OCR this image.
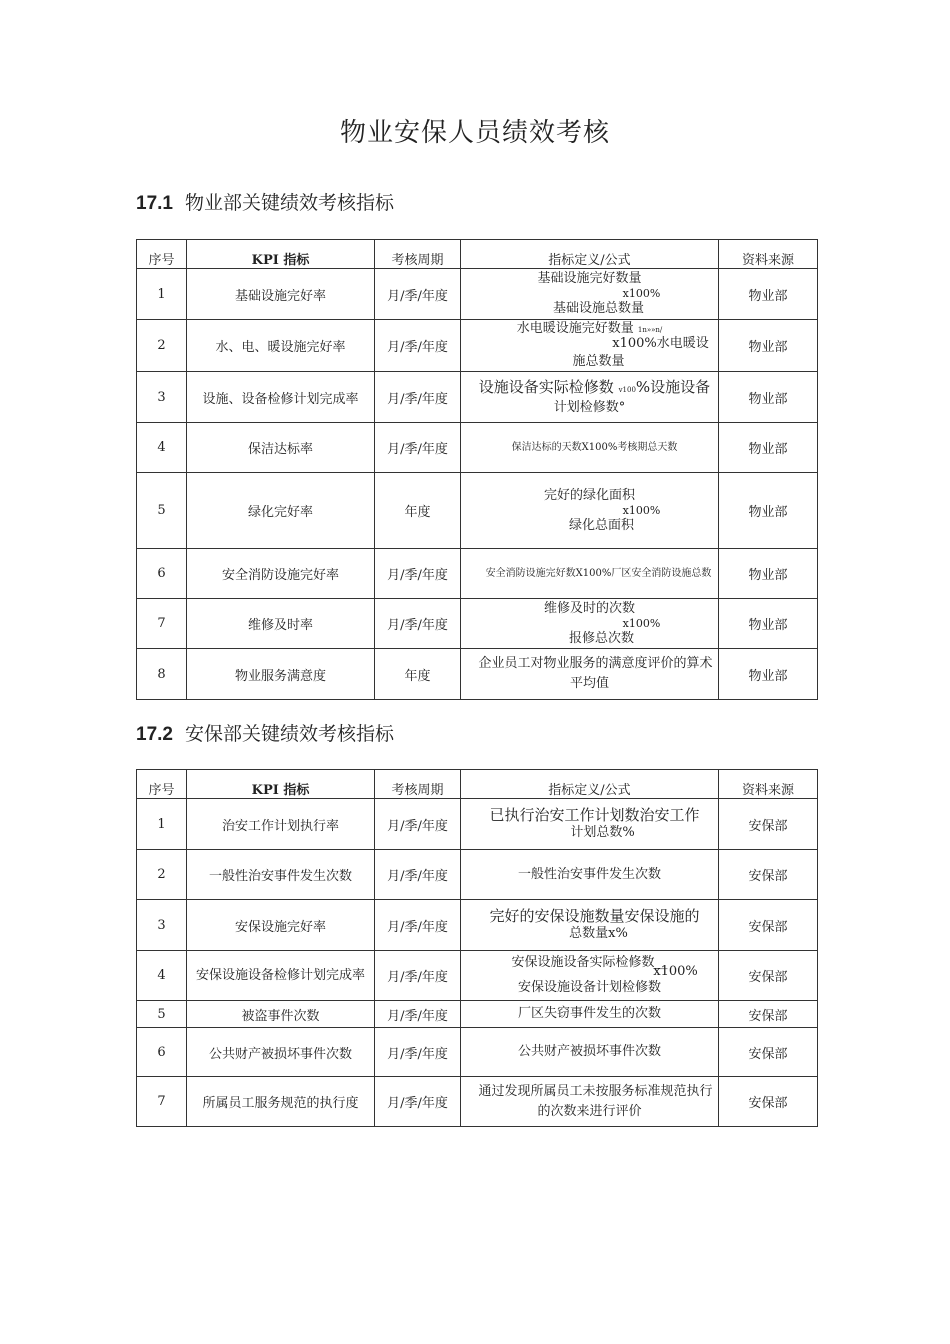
物业安保人员绩效考核
17.1 物业部关键绩效考核指标
序号	KPI 指标	考核周期	指标定义/公式	资料来源
1	基础设施完好率	月/季/年度	基础设施完好数量
x100%
基础设施总数量	物业部
2	水、电、暖设施完好率	月/季/年度	水电暖设施完好数量 1n»»n/
x100%水电暖设
施总数量	物业部
3	设施、设备检修计划完成率	月/季/年度	设施设备实际检修数 v100%设施设备
计划检修数°	物业部
4	保洁达标率	月/季/年度	保洁达标的天数X100%考核期总天数	物业部
5	绿化完好率	年度	完好的绿化面积
x100%
绿化总面积	物业部
6	安全消防设施完好率	月/季/年度	安全消防设施完好数X100%厂区安全消防设施总数	物业部
7	维修及时率	月/季/年度	维修及时的次数
x100%
报修总次数	物业部
8	物业服务满意度	年度	企业员工对物业服务的满意度评价的算术平均值	物业部
17.2 安保部关键绩效考核指标
序号	KPI 指标	考核周期	指标定义/公式	资料来源
1	治安工作计划执行率	月/季/年度	已执行治安工作计划数治安工作
计划总数%	安保部
2	一般性治安事件发生次数	月/季/年度	一般性治安事件发生次数	安保部
3	安保设施完好率	月/季/年度	完好的安保设施数量安保设施的
总数量x%	安保部
4	安保设施设备检修计划完成率	月/季/年度	安保设施设备实际检修数__
x100%
安保设施设备计划检修数	安保部
5	被盗事件次数	月/季/年度	厂区失窃事件发生的次数	安保部
6	公共财产被损坏事件次数	月/季/年度	公共财产被损坏事件次数	安保部
7	所属员工服务规范的执行度	月/季/年度	通过发现所属员工未按服务标准规范执行的次数来进行评价	安保部
